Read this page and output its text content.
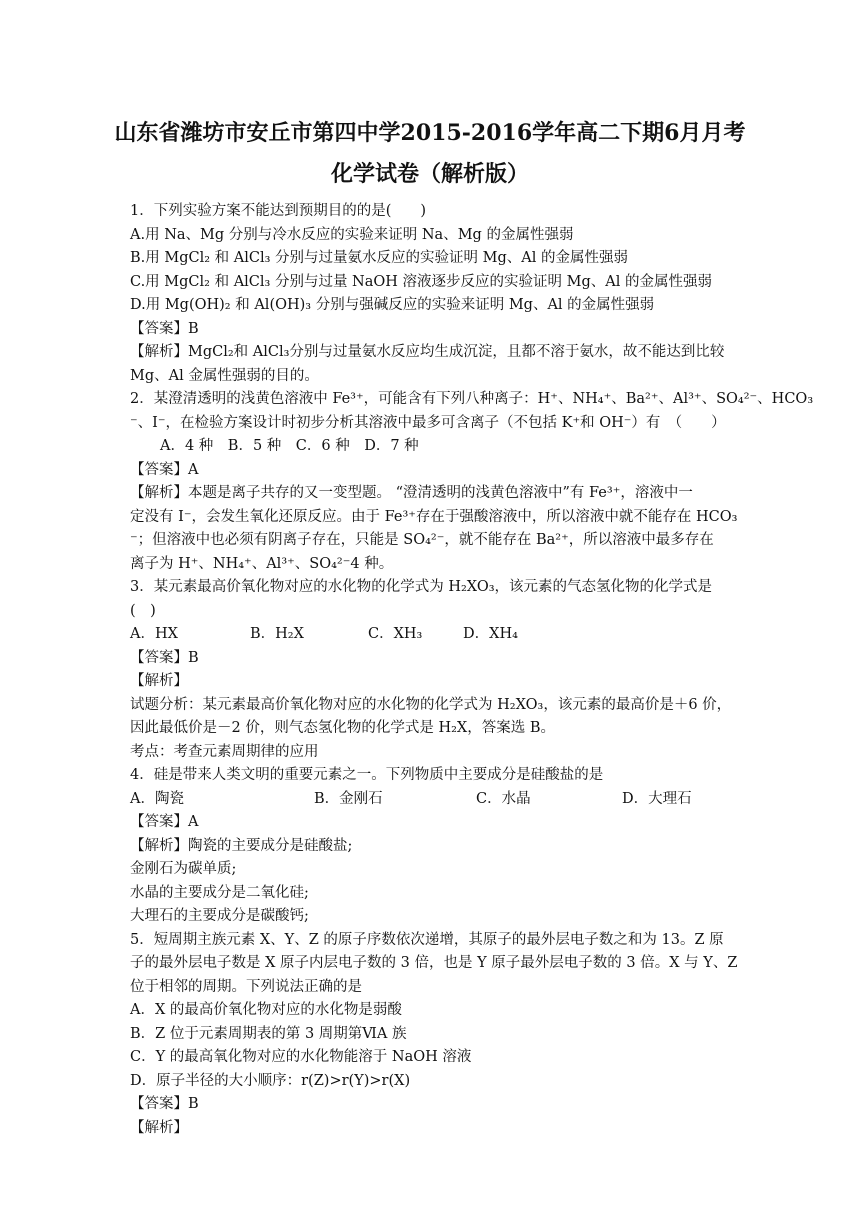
山东省潍坊市安丘市第四中学2015-2016学年高二下期6月月考
化学试卷（解析版）
1．下列实验方案不能达到预期目的的是(　　)
A.用 Na、Mg 分别与冷水反应的实验来证明 Na、Mg 的金属性强弱
B.用 MgCl₂ 和 AlCl₃ 分别与过量氨水反应的实验证明 Mg、Al 的金属性强弱
C.用 MgCl₂ 和 AlCl₃ 分别与过量 NaOH 溶液逐步反应的实验证明 Mg、Al 的金属性强弱
D.用 Mg(OH)₂ 和 Al(OH)₃ 分别与强碱反应的实验来证明 Mg、Al 的金属性强弱
【答案】B
【解析】MgCl₂和 AlCl₃分别与过量氨水反应均生成沉淀，且都不溶于氨水，故不能达到比较
Mg、Al 金属性强弱的目的。
2．某澄清透明的浅黄色溶液中 Fe³⁺，可能含有下列八种离子：H⁺、NH₄⁺、Ba²⁺、Al³⁺、SO₄²⁻、HCO₃
⁻、I⁻，在检验方案设计时初步分析其溶液中最多可含离子（不包括 K⁺和 OH⁻）有　（　　）
A．4 种　B．5 种　C．6 种　D．7 种
【答案】A
【解析】本题是离子共存的又一变型题。 “澄清透明的浅黄色溶液中”有 Fe³⁺，溶液中一
定没有 I⁻，会发生氧化还原反应。由于 Fe³⁺存在于强酸溶液中，所以溶液中就不能存在 HCO₃
⁻；但溶液中也必须有阴离子存在，只能是 SO₄²⁻，就不能存在 Ba²⁺，所以溶液中最多存在
离子为 H⁺、NH₄⁺、Al³⁺、SO₄²⁻4 种。
3．某元素最高价氧化物对应的水化物的化学式为 H₂XO₃，该元素的气态氢化物的化学式是
(　)
A．HX	B．H₂X	C．XH₃	D．XH₄
【答案】B
【解析】
试题分析：某元素最高价氧化物对应的水化物的化学式为 H₂XO₃，该元素的最高价是＋6 价，
因此最低价是－2 价，则气态氢化物的化学式是 H₂X，答案选 B。
考点：考查元素周期律的应用
4．硅是带来人类文明的重要元素之一。下列物质中主要成分是硅酸盐的是
A．陶瓷	B．金刚石	C．水晶	D．大理石
【答案】A
【解析】陶瓷的主要成分是硅酸盐;
金刚石为碳单质;
水晶的主要成分是二氧化硅;
大理石的主要成分是碳酸钙;
5．短周期主族元素 X、Y、Z 的原子序数依次递增，其原子的最外层电子数之和为 13。Z 原
子的最外层电子数是 X 原子内层电子数的 3 倍，也是 Y 原子最外层电子数的 3 倍。X 与 Y、Z
位于相邻的周期。下列说法正确的是
A．X 的最高价氧化物对应的水化物是弱酸
B．Z 位于元素周期表的第 3 周期第ⅥA 族
C．Y 的最高氧化物对应的水化物能溶于 NaOH 溶液
D．原子半径的大小顺序：r(Z)>r(Y)>r(X)
【答案】B
【解析】
